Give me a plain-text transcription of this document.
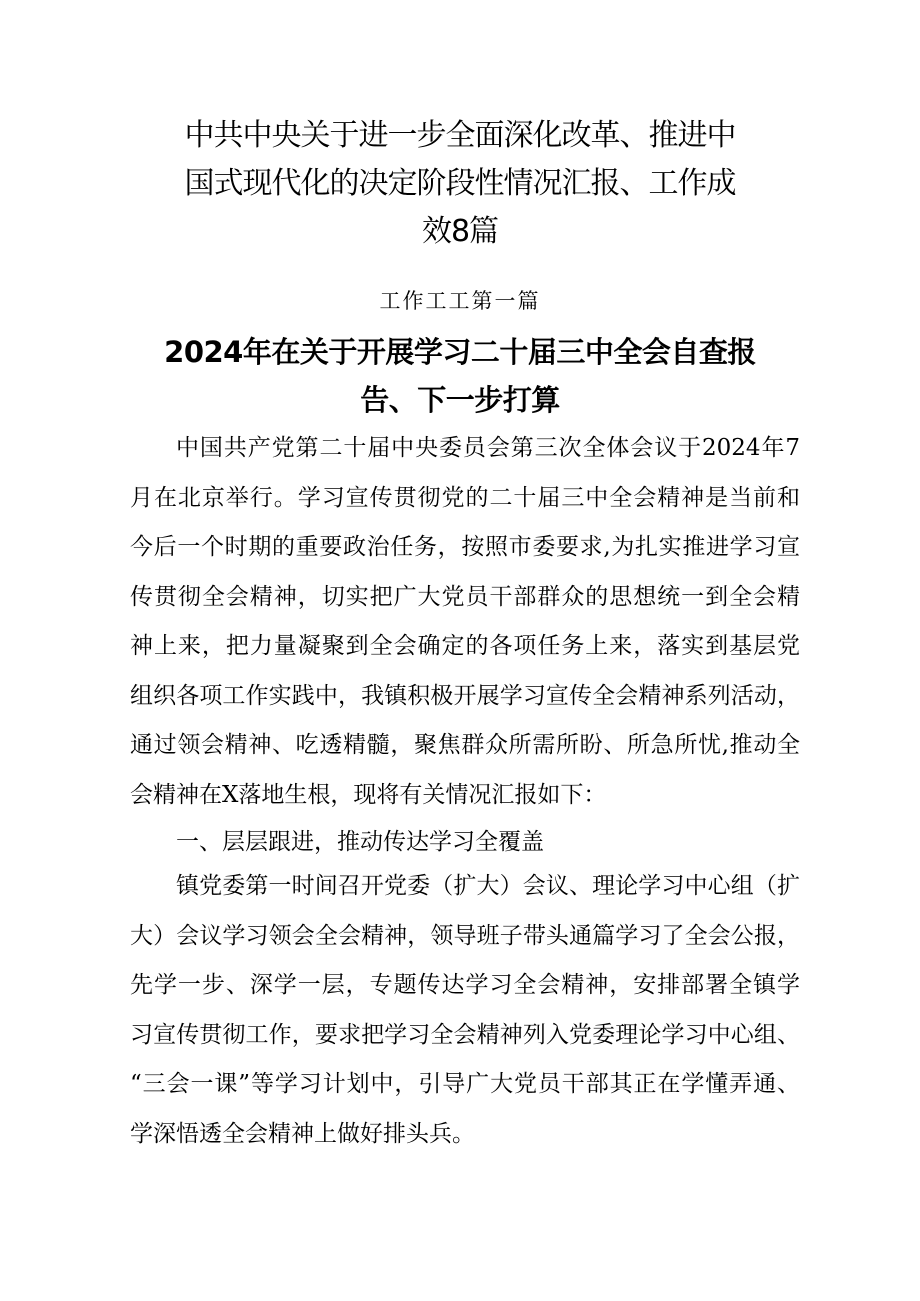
中共中央关于进一步全面深化改革、推进中
国式现代化的决定阶段性情况汇报、工作成
效8篇
工作工工第一篇
2024年在关于开展学习二十届三中全会自查报
告、下一步打算
中国共产党第二十届中央委员会第三次全体会议于2024年7
月在北京举行。学习宣传贯彻党的二十届三中全会精神是当前和
今后一个时期的重要政治任务，按照市委要求,为扎实推进学习宣
传贯彻全会精神，切实把广大党员干部群众的思想统一到全会精
神上来，把力量凝聚到全会确定的各项任务上来，落实到基层党
组织各项工作实践中，我镇积极开展学习宣传全会精神系列活动，
通过领会精神、吃透精髓，聚焦群众所需所盼、所急所忧,推动全
会精神在X落地生根，现将有关情况汇报如下：
一、层层跟进，推动传达学习全覆盖
镇党委第一时间召开党委（扩大）会议、理论学习中心组（扩
大）会议学习领会全会精神，领导班子带头通篇学习了全会公报，
先学一步、深学一层，专题传达学习全会精神，安排部署全镇学
习宣传贯彻工作，要求把学习全会精神列入党委理论学习中心组、
“三会一课”等学习计划中，引导广大党员干部其正在学懂弄通、
学深悟透全会精神上做好排头兵。
